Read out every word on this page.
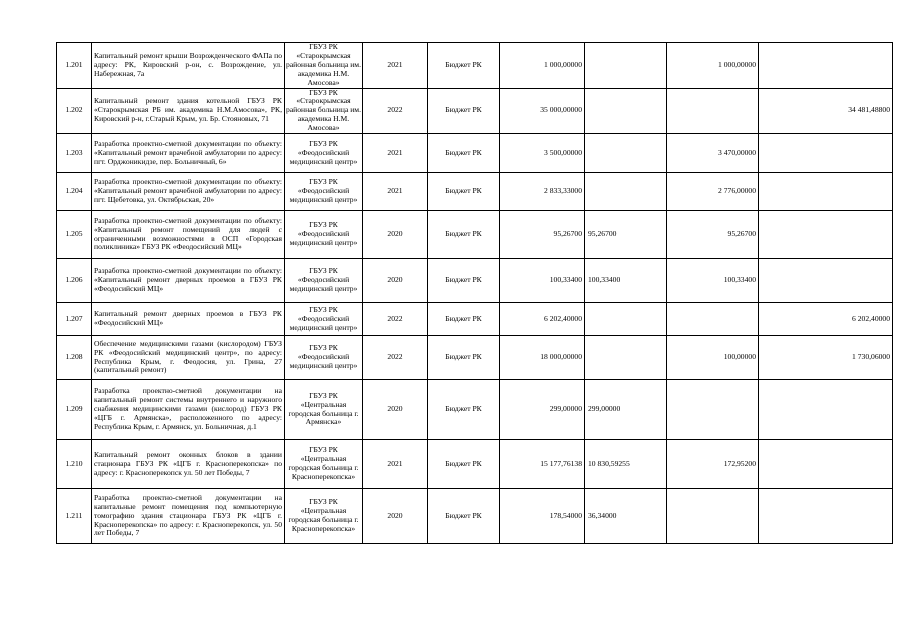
1.201	Капитальный ремонт крыши Возрожденческого ФАПа по адресу: РК, Кировский р-он, с. Возрождение, ул. Набережная, 7а	ГБУЗ РК «Старокрымская районная больница им. академика Н.М. Амосова»	2021	Бюджет РК	1 000,00000		1 000,00000	
1.202	Капитальный ремонт здания котельной ГБУЗ РК «Старокрымская РБ им. академика Н.М.Амосова», РК, Кировский р-н, г.Старый Крым, ул. Бр. Стояновых, 71	ГБУЗ РК «Старокрымская районная больница им. академика Н.М. Амосова»	2022	Бюджет РК	35 000,00000			34 481,48800
1.203	Разработка проектно-сметной документации по объекту: «Капитальный ремонт врачебной амбулатории по адресу: пгт. Орджоникидзе, пер. Больничный, 6»	ГБУЗ РК «Феодосийский медицинский центр»	2021	Бюджет РК	3 500,00000		3 470,00000	
1.204	Разработка проектно-сметной документации по объекту: «Капитальный ремонт врачебной амбулатории по адресу: пгт. Щебетовка, ул. Октябрьская, 20»	ГБУЗ РК «Феодосийский медицинский центр»	2021	Бюджет РК	2 833,33000		2 776,00000	
1.205	Разработка проектно-сметной документации по объекту: «Капитальный ремонт помещений для людей с ограниченными возможностями в ОСП «Городская поликлиника» ГБУЗ РК «Феодосийский МЦ»	ГБУЗ РК «Феодосийский медицинский центр»	2020	Бюджет РК	95,26700	95,26700	95,26700	
1.206	Разработка проектно-сметной документации по объекту: «Капитальный ремонт дверных проемов в ГБУЗ РК «Феодосийский МЦ»	ГБУЗ РК «Феодосийский медицинский центр»	2020	Бюджет РК	100,33400	100,33400	100,33400	
1.207	Капитальный ремонт дверных проемов в ГБУЗ РК «Феодосийский МЦ»	ГБУЗ РК «Феодосийский медицинский центр»	2022	Бюджет РК	6 202,40000			6 202,40000
1.208	Обеспечение медицинскими газами (кислородом) ГБУЗ РК «Феодосийский медицинский центр», по адресу: Республика Крым, г. Феодосия, ул. Грина, 27 (капитальный ремонт)	ГБУЗ РК «Феодосийский медицинский центр»	2022	Бюджет РК	18 000,00000		100,00000	1 730,06000
1.209	Разработка проектно-сметной документации на капитальный ремонт системы внутреннего и наружного снабжения медицинскими газами (кислород) ГБУЗ РК «ЦГБ г. Армянска», расположенного по адресу: Республика Крым, г. Армянск, ул. Больничная, д.1	ГБУЗ РК «Центральная городская больница г. Армянска»	2020	Бюджет РК	299,00000	299,00000		
1.210	Капитальный ремонт оконных блоков в здании стационара ГБУЗ РК «ЦГБ г. Красноперекопска» по адресу: г. Красноперекопск ул. 50 лет Победы, 7	ГБУЗ РК «Центральная городская больница г. Красноперекопска»	2021	Бюджет РК	15 177,76138	10 830,59255	172,95200	
1.211	Разработка проектно-сметной документации на капитальные ремонт помещения под компьютерную томографию здания стационара ГБУЗ РК «ЦГБ г. Красноперекопска» по адресу: г. Красноперекопск, ул. 50 лет Победы, 7	ГБУЗ РК «Центральная городская больница г. Красноперекопска»	2020	Бюджет РК	178,54000	36,34000		
